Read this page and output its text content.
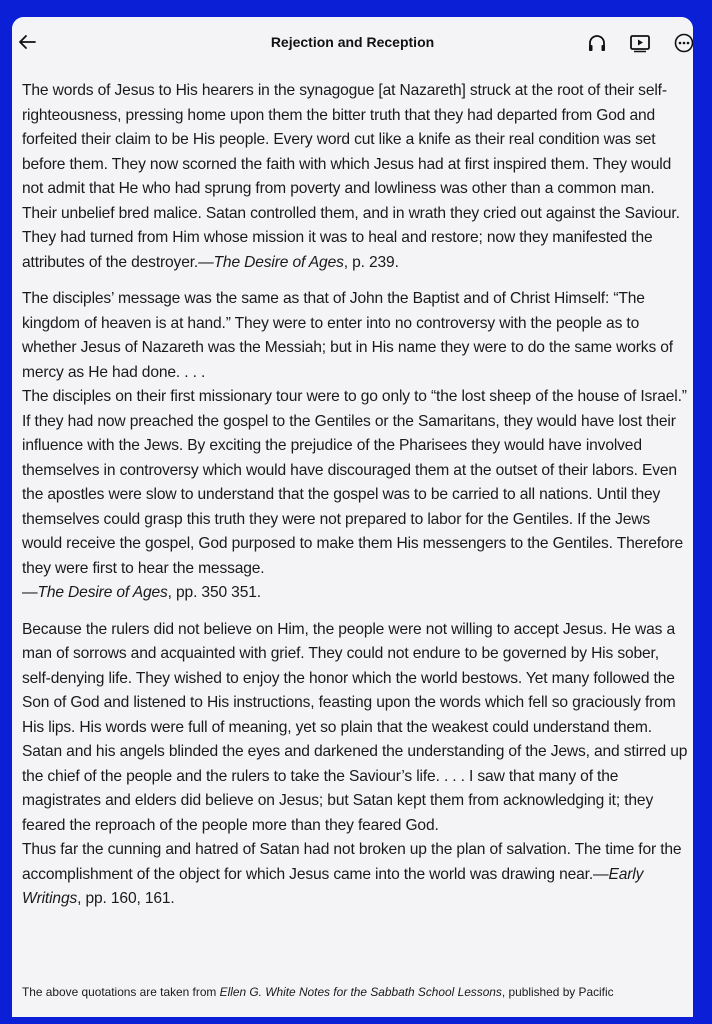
Rejection and Reception

The words of Jesus to His hearers in the synagogue [at Nazareth] struck at the root of their self-righteousness, pressing home upon them the bitter truth that they had departed from God and forfeited their claim to be His people. Every word cut like a knife as their real condition was set before them. They now scorned the faith with which Jesus had at first inspired them. They would not admit that He who had sprung from poverty and lowliness was other than a common man.

Their unbelief bred malice. Satan controlled them, and in wrath they cried out against the Saviour. They had turned from Him whose mission it was to heal and restore; now they manifested the attributes of the destroyer.—The Desire of Ages, p. 239.

The disciples’ message was the same as that of John the Baptist and of Christ Himself: “The kingdom of heaven is at hand.” They were to enter into no controversy with the people as to whether Jesus of Nazareth was the Messiah; but in His name they were to do the same works of mercy as He had done. . . .

The disciples on their first missionary tour were to go only to “the lost sheep of the house of Israel.” If they had now preached the gospel to the Gentiles or the Samaritans, they would have lost their influence with the Jews. By exciting the prejudice of the Pharisees they would have involved themselves in controversy which would have discouraged them at the outset of their labors. Even the apostles were slow to understand that the gospel was to be carried to all nations. Until they themselves could grasp this truth they were not prepared to labor for the Gentiles. If the Jews would receive the gospel, God purposed to make them His messengers to the Gentiles. Therefore they were first to hear the message.
—The Desire of Ages, pp. 350 351.

Because the rulers did not believe on Him, the people were not willing to accept Jesus. He was a man of sorrows and acquainted with grief. They could not endure to be governed by His sober, self-denying life. They wished to enjoy the honor which the world bestows. Yet many followed the Son of God and listened to His instructions, feasting upon the words which fell so graciously from His lips. His words were full of meaning, yet so plain that the weakest could understand them.

Satan and his angels blinded the eyes and darkened the understanding of the Jews, and stirred up the chief of the people and the rulers to take the Saviour’s life. . . . I saw that many of the magistrates and elders did believe on Jesus; but Satan kept them from acknowledging it; they feared the reproach of the people more than they feared God.

Thus far the cunning and hatred of Satan had not broken up the plan of salvation. The time for the accomplishment of the object for which Jesus came into the world was drawing near.—Early Writings, pp. 160, 161.

The above quotations are taken from Ellen G. White Notes for the Sabbath School Lessons, published by Pacific
